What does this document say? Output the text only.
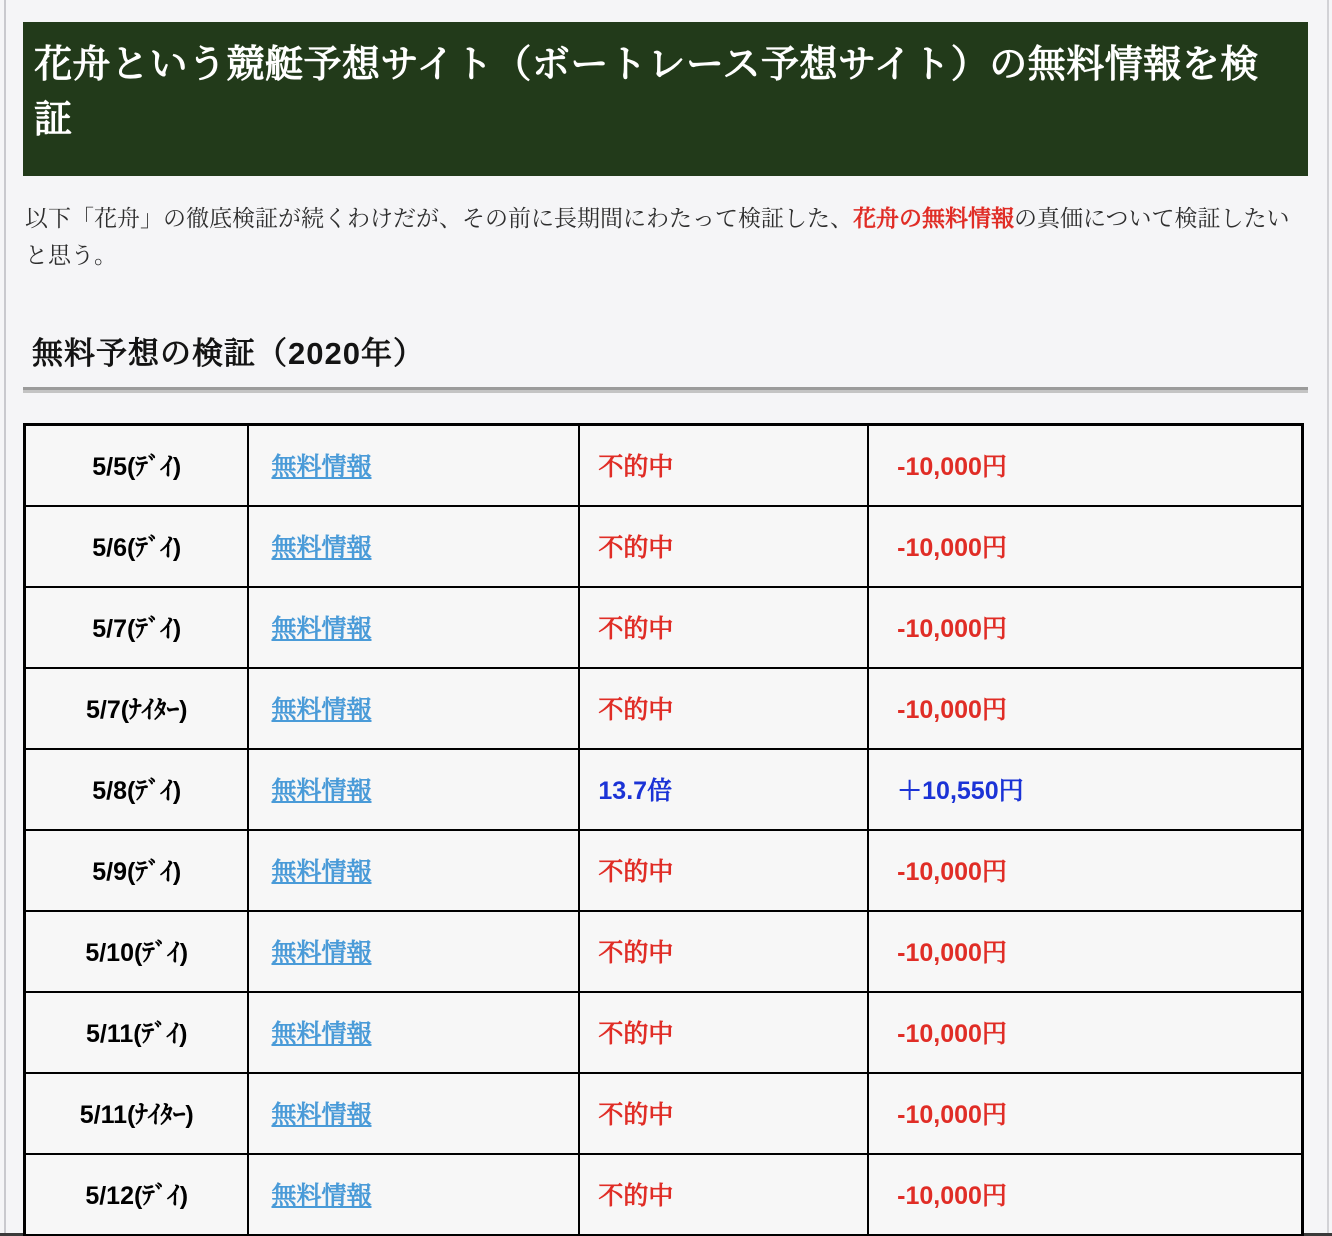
花舟という競艇予想サイト（ボートレース予想サイト）の無料情報を検証

以下「花舟」の徹底検証が続くわけだが、その前に長期間にわたって検証した、花舟の無料情報の真価について検証したいと思う。

無料予想の検証（2020年）
5/5(ﾃﾞｲ)	無料情報	不的中	-10,000円
5/6(ﾃﾞｲ)	無料情報	不的中	-10,000円
5/7(ﾃﾞｲ)	無料情報	不的中	-10,000円
5/7(ﾅｲﾀｰ)	無料情報	不的中	-10,000円
5/8(ﾃﾞｲ)	無料情報	13.7倍	＋10,550円
5/9(ﾃﾞｲ)	無料情報	不的中	-10,000円
5/10(ﾃﾞｲ)	無料情報	不的中	-10,000円
5/11(ﾃﾞｲ)	無料情報	不的中	-10,000円
5/11(ﾅｲﾀｰ)	無料情報	不的中	-10,000円
5/12(ﾃﾞｲ)	無料情報	不的中	-10,000円
